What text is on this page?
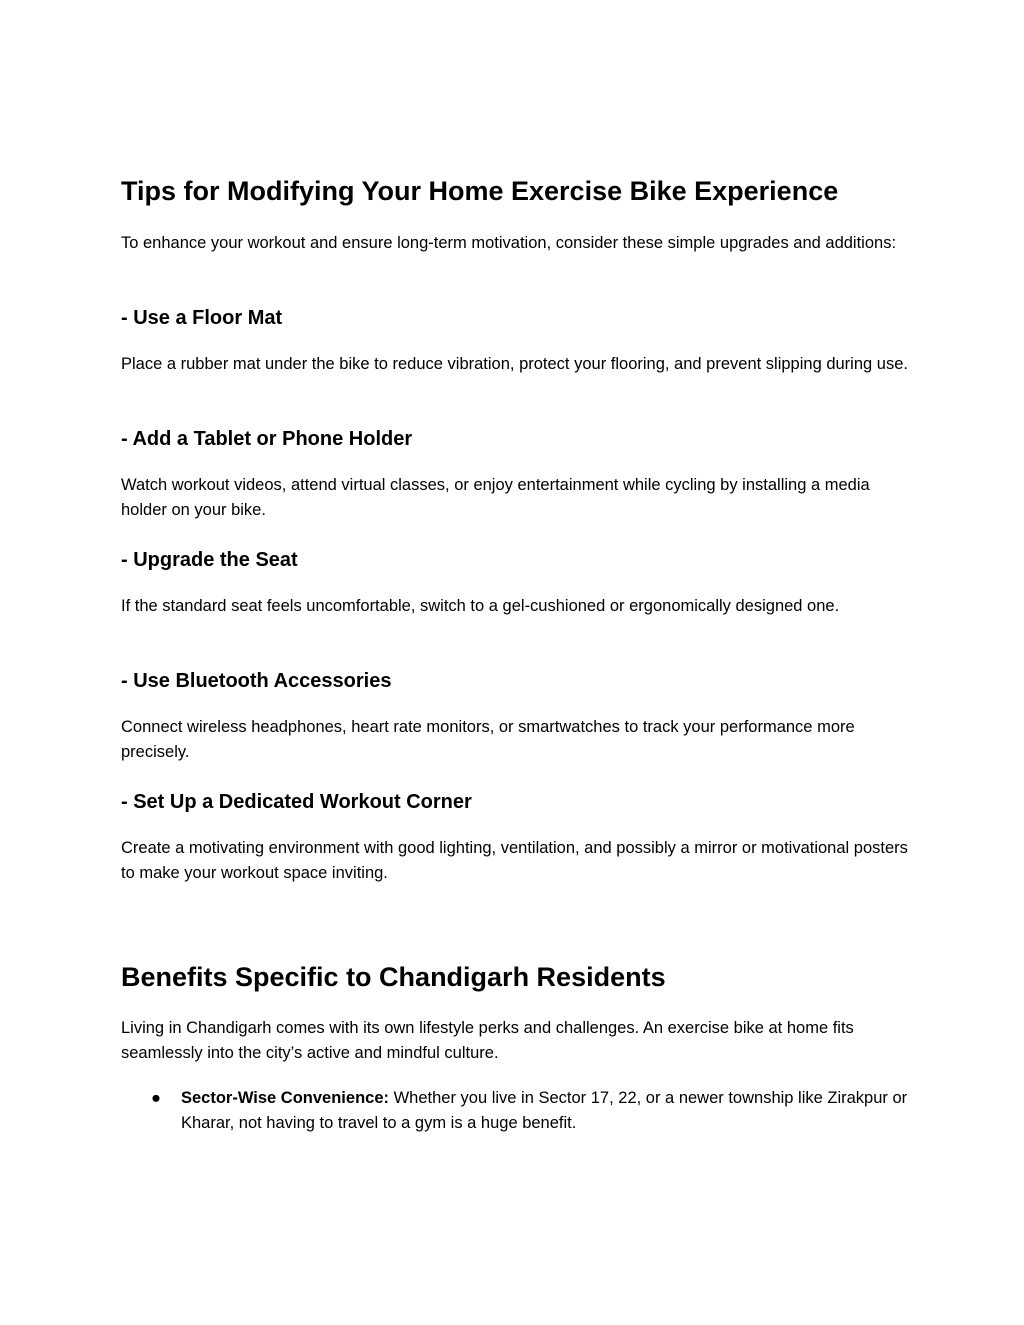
Tips for Modifying Your Home Exercise Bike Experience

To enhance your workout and ensure long-term motivation, consider these simple upgrades and additions:

- Use a Floor Mat

Place a rubber mat under the bike to reduce vibration, protect your flooring, and prevent slipping during use.

- Add a Tablet or Phone Holder

Watch workout videos, attend virtual classes, or enjoy entertainment while cycling by installing a media holder on your bike.

- Upgrade the Seat

If the standard seat feels uncomfortable, switch to a gel-cushioned or ergonomically designed one.

- Use Bluetooth Accessories

Connect wireless headphones, heart rate monitors, or smartwatches to track your performance more precisely.

- Set Up a Dedicated Workout Corner

Create a motivating environment with good lighting, ventilation, and possibly a mirror or motivational posters to make your workout space inviting.

Benefits Specific to Chandigarh Residents

Living in Chandigarh comes with its own lifestyle perks and challenges. An exercise bike at home fits seamlessly into the city’s active and mindful culture.

● Sector-Wise Convenience: Whether you live in Sector 17, 22, or a newer township like Zirakpur or Kharar, not having to travel to a gym is a huge benefit.
